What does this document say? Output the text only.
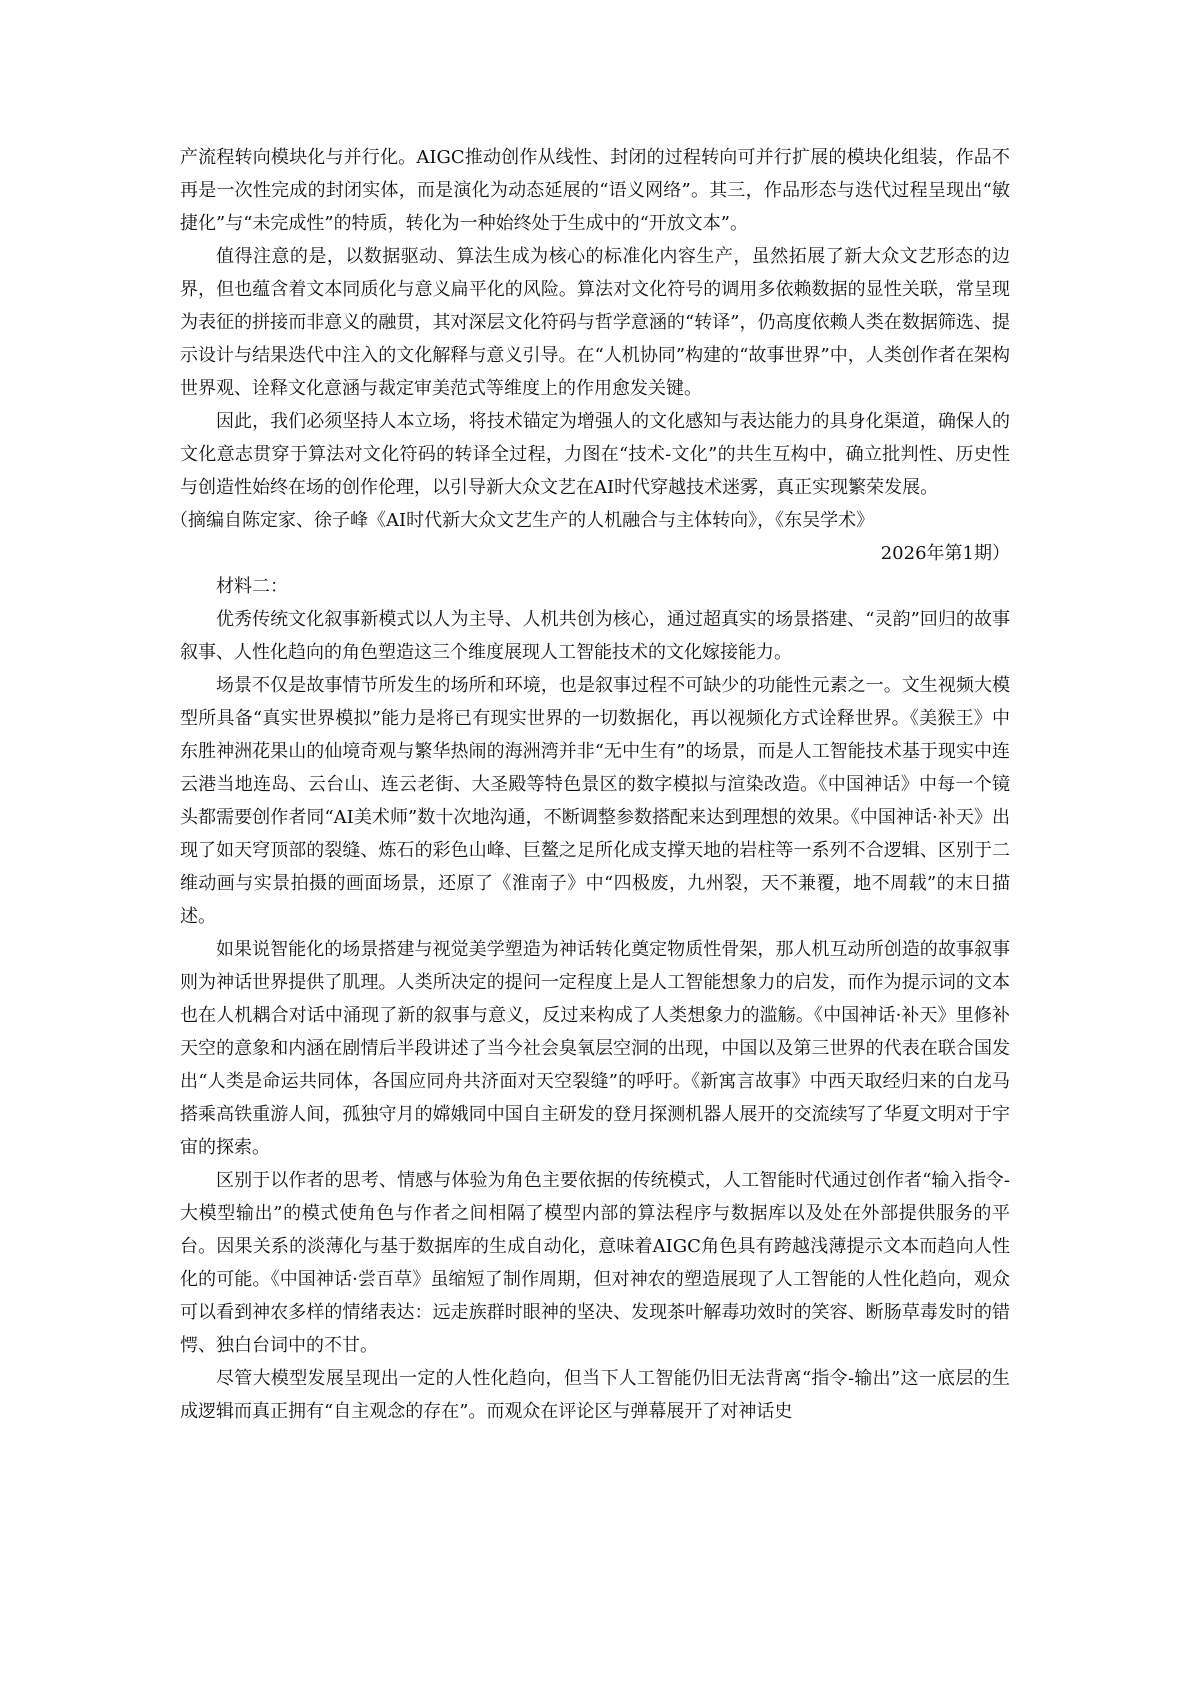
产流程转向模块化与并行化。AIGC推动创作从线性、封闭的过程转向可并行扩展的模块化组装，作品不再是一次性完成的封闭实体，而是演化为动态延展的“语义网络”。其三，作品形态与迭代过程呈现出“敏捷化”与“未完成性”的特质，转化为一种始终处于生成中的“开放文本”。

值得注意的是，以数据驱动、算法生成为核心的标准化内容生产，虽然拓展了新大众文艺形态的边界，但也蕴含着文本同质化与意义扁平化的风险。算法对文化符号的调用多依赖数据的显性关联，常呈现为表征的拼接而非意义的融贯，其对深层文化符码与哲学意涵的“转译”，仍高度依赖人类在数据筛选、提示设计与结果迭代中注入的文化解释与意义引导。在“人机协同”构建的“故事世界”中，人类创作者在架构世界观、诠释文化意涵与裁定审美范式等维度上的作用愈发关键。

因此，我们必须坚持人本立场，将技术锚定为增强人的文化感知与表达能力的具身化渠道，确保人的文化意志贯穿于算法对文化符码的转译全过程，力图在“技术-文化”的共生互构中，确立批判性、历史性与创造性始终在场的创作伦理，以引导新大众文艺在AI时代穿越技术迷雾，真正实现繁荣发展。

（摘编自陈定家、徐子峰《AI时代新大众文艺生产的人机融合与主体转向》，《东吴学术》
2026年第1期）

材料二：

优秀传统文化叙事新模式以人为主导、人机共创为核心，通过超真实的场景搭建、“灵韵”回归的故事叙事、人性化趋向的角色塑造这三个维度展现人工智能技术的文化嫁接能力。

场景不仅是故事情节所发生的场所和环境，也是叙事过程不可缺少的功能性元素之一。文生视频大模型所具备“真实世界模拟”能力是将已有现实世界的一切数据化，再以视频化方式诠释世界。《美猴王》中东胜神洲花果山的仙境奇观与繁华热闹的海洲湾并非“无中生有”的场景，而是人工智能技术基于现实中连云港当地连岛、云台山、连云老街、大圣殿等特色景区的数字模拟与渲染改造。《中国神话》中每一个镜头都需要创作者同“AI美术师”数十次地沟通，不断调整参数搭配来达到理想的效果。《中国神话·补天》出现了如天穹顶部的裂缝、炼石的彩色山峰、巨鳌之足所化成支撑天地的岩柱等一系列不合逻辑、区别于二维动画与实景拍摄的画面场景，还原了《淮南子》中“四极废，九州裂，天不兼覆，地不周载”的末日描述。

如果说智能化的场景搭建与视觉美学塑造为神话转化奠定物质性骨架，那人机互动所创造的故事叙事则为神话世界提供了肌理。人类所决定的提问一定程度上是人工智能想象力的启发，而作为提示词的文本也在人机耦合对话中涌现了新的叙事与意义，反过来构成了人类想象力的滥觞。《中国神话·补天》里修补天空的意象和内涵在剧情后半段讲述了当今社会臭氧层空洞的出现，中国以及第三世界的代表在联合国发出“人类是命运共同体，各国应同舟共济面对天空裂缝”的呼吁。《新寓言故事》中西天取经归来的白龙马搭乘高铁重游人间，孤独守月的嫦娥同中国自主研发的登月探测机器人展开的交流续写了华夏文明对于宇宙的探索。

区别于以作者的思考、情感与体验为角色主要依据的传统模式，人工智能时代通过创作者“输入指令-大模型输出”的模式使角色与作者之间相隔了模型内部的算法程序与数据库以及处在外部提供服务的平台。因果关系的淡薄化与基于数据库的生成自动化，意味着AIGC角色具有跨越浅薄提示文本而趋向人性化的可能。《中国神话·尝百草》虽缩短了制作周期，但对神农的塑造展现了人工智能的人性化趋向，观众可以看到神农多样的情绪表达：远走族群时眼神的坚决、发现茶叶解毒功效时的笑容、断肠草毒发时的错愕、独白台词中的不甘。

尽管大模型发展呈现出一定的人性化趋向，但当下人工智能仍旧无法背离“指令-输出”这一底层的生成逻辑而真正拥有“自主观念的存在”。而观众在评论区与弹幕展开了对神话史
